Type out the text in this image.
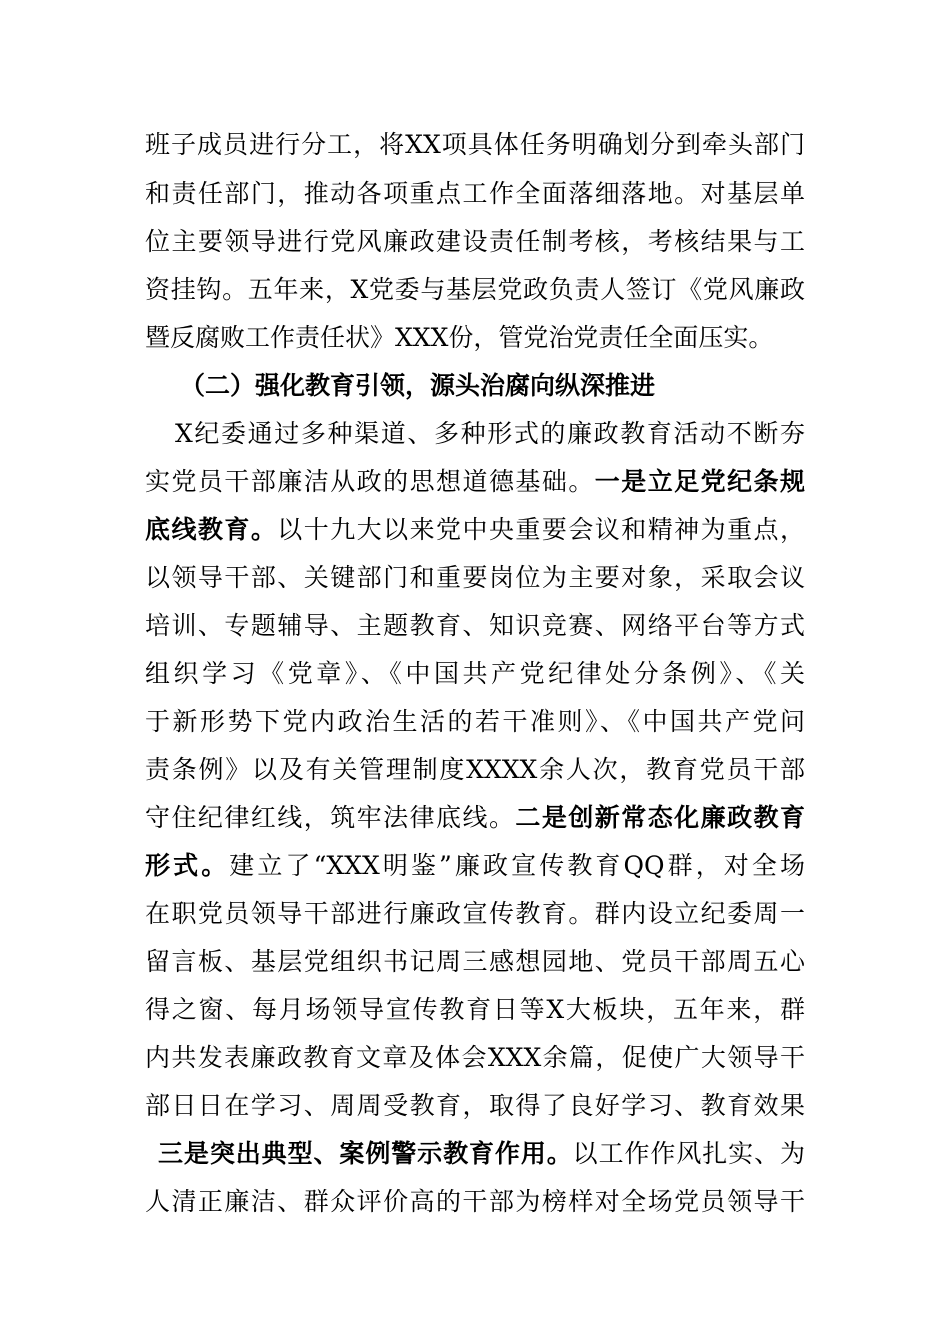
班子成员进行分工，将XX项具体任务明确划分到牵头部门
和责任部门，推动各项重点工作全面落细落地。对基层单
位主要领导进行党风廉政建设责任制考核，考核结果与工
资挂钩。五年来，X党委与基层党政负责人签订《党风廉政
暨反腐败工作责任状》XXX份，管党治党责任全面压实。
（二）强化教育引领，源头治腐向纵深推进
X纪委通过多种渠道、多种形式的廉政教育活动不断夯
实党员干部廉洁从政的思想道德基础。一是立足党纪条规
底线教育。以十九大以来党中央重要会议和精神为重点，
以领导干部、关键部门和重要岗位为主要对象，采取会议
培训、专题辅导、主题教育、知识竞赛、网络平台等方式
组织学习《党章》、《中国共产党纪律处分条例》、《关
于新形势下党内政治生活的若干准则》、《中国共产党问
责条例》以及有关管理制度XXXX余人次，教育党员干部
守住纪律红线，筑牢法律底线。二是创新常态化廉政教育
形式。建立了“XXX明鉴”廉政宣传教育QQ群，对全场
在职党员领导干部进行廉政宣传教育。群内设立纪委周一
留言板、基层党组织书记周三感想园地、党员干部周五心
得之窗、每月场领导宣传教育日等X大板块，五年来，群
内共发表廉政教育文章及体会XXX余篇，促使广大领导干
部日日在学习、周周受教育，取得了良好学习、教育效果
三是突出典型、案例警示教育作用。以工作作风扎实、为
人清正廉洁、群众评价高的干部为榜样对全场党员领导干
